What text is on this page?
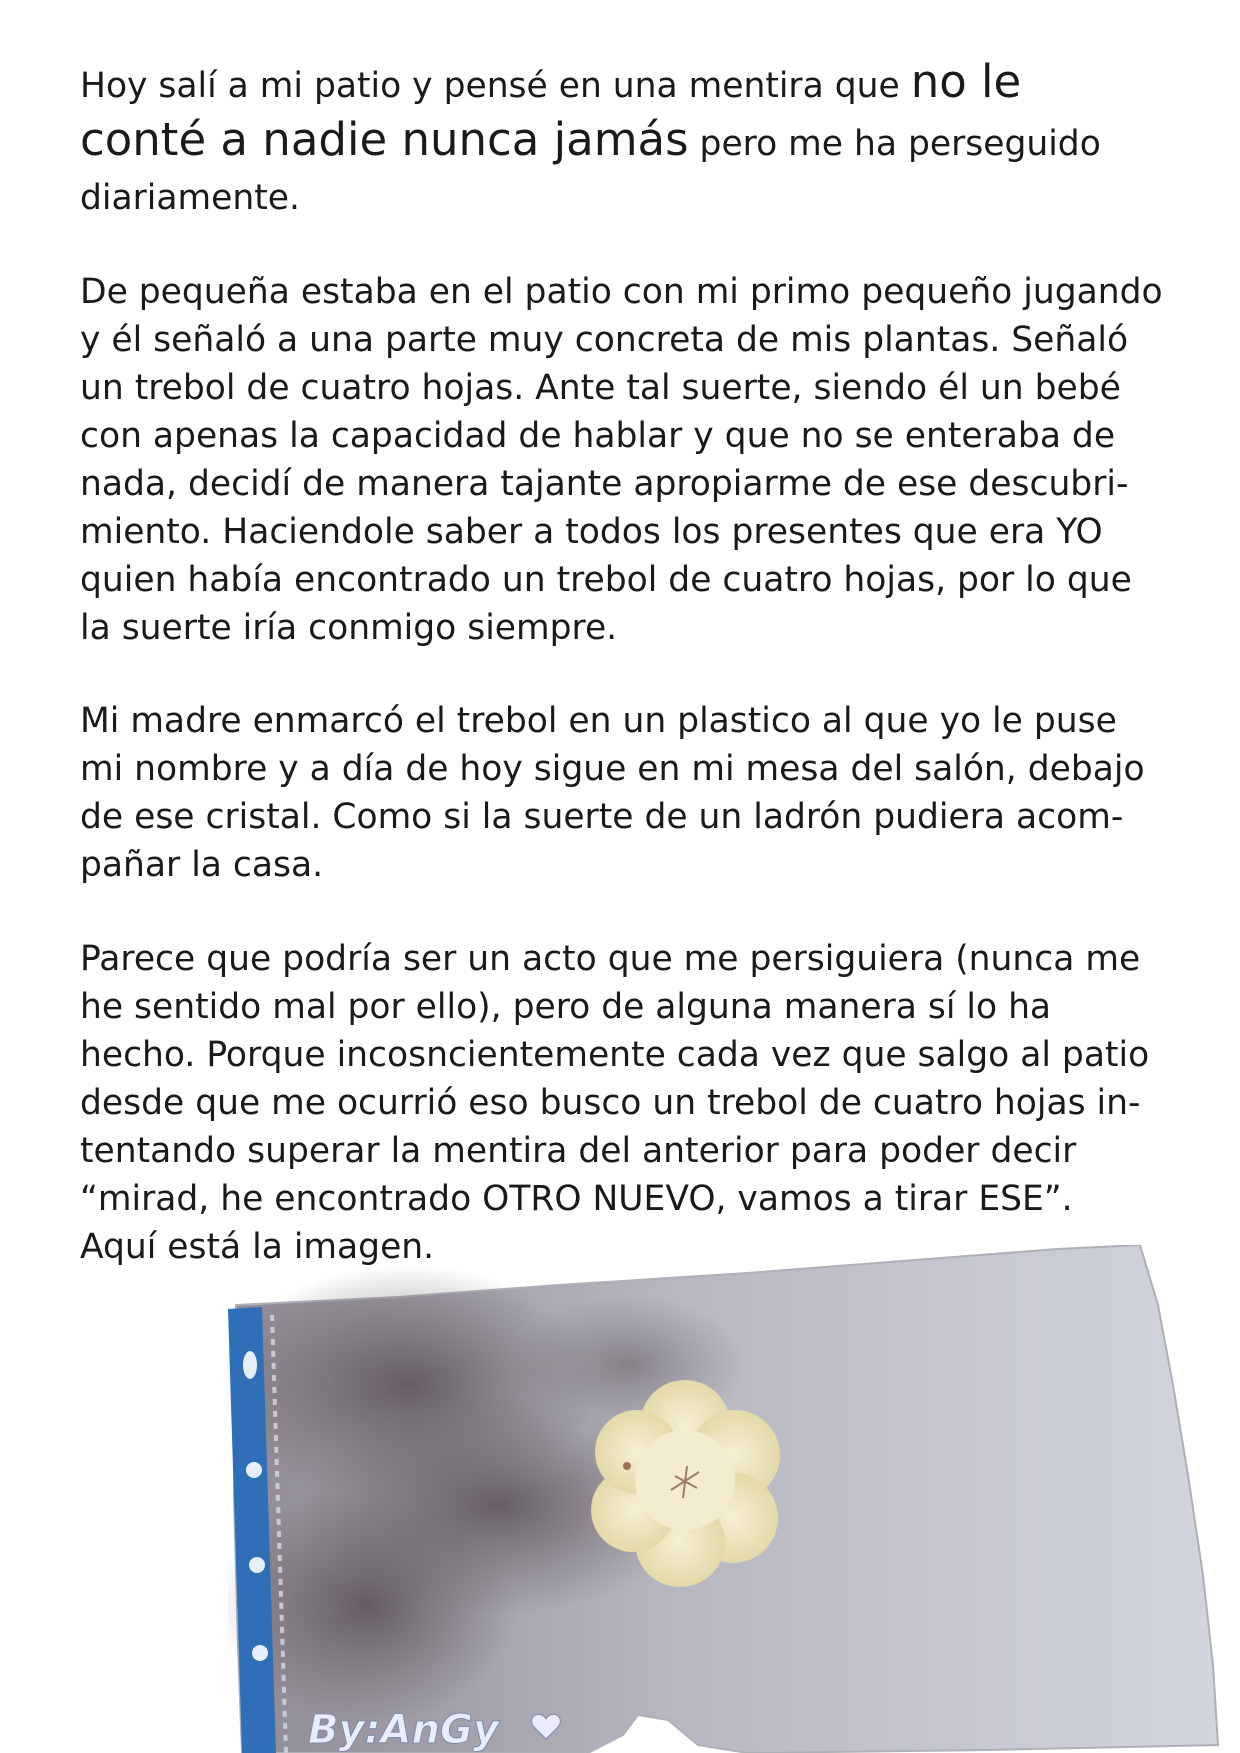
Hoy salí a mi patio y pensé en una mentira que no le
conté a nadie nunca jamás pero me ha perseguido
diariamente.
De pequeña estaba en el patio con mi primo pequeño jugando
y él señaló a una parte muy concreta de mis plantas. Señaló
un trebol de cuatro hojas. Ante tal suerte, siendo él un bebé
con apenas la capacidad de hablar y que no se enteraba de
nada, decidí de manera tajante apropiarme de ese descubri-
miento. Haciendole saber a todos los presentes que era YO
quien había encontrado un trebol de cuatro hojas, por lo que
la suerte iría conmigo siempre.
Mi madre enmarcó el trebol en un plastico al que yo le puse
mi nombre y a día de hoy sigue en mi mesa del salón, debajo
de ese cristal. Como si la suerte de un ladrón pudiera acom-
pañar la casa.
Parece que podría ser un acto que me persiguiera (nunca me
he sentido mal por ello), pero de alguna manera sí lo ha
hecho. Porque incosncientemente cada vez que salgo al patio
desde que me ocurrió eso busco un trebol de cuatro hojas in-
tentando superar la mentira del anterior para poder decir
“mirad, he encontrado OTRO NUEVO, vamos a tirar ESE”.
Aquí está la imagen.
By:AnGy
